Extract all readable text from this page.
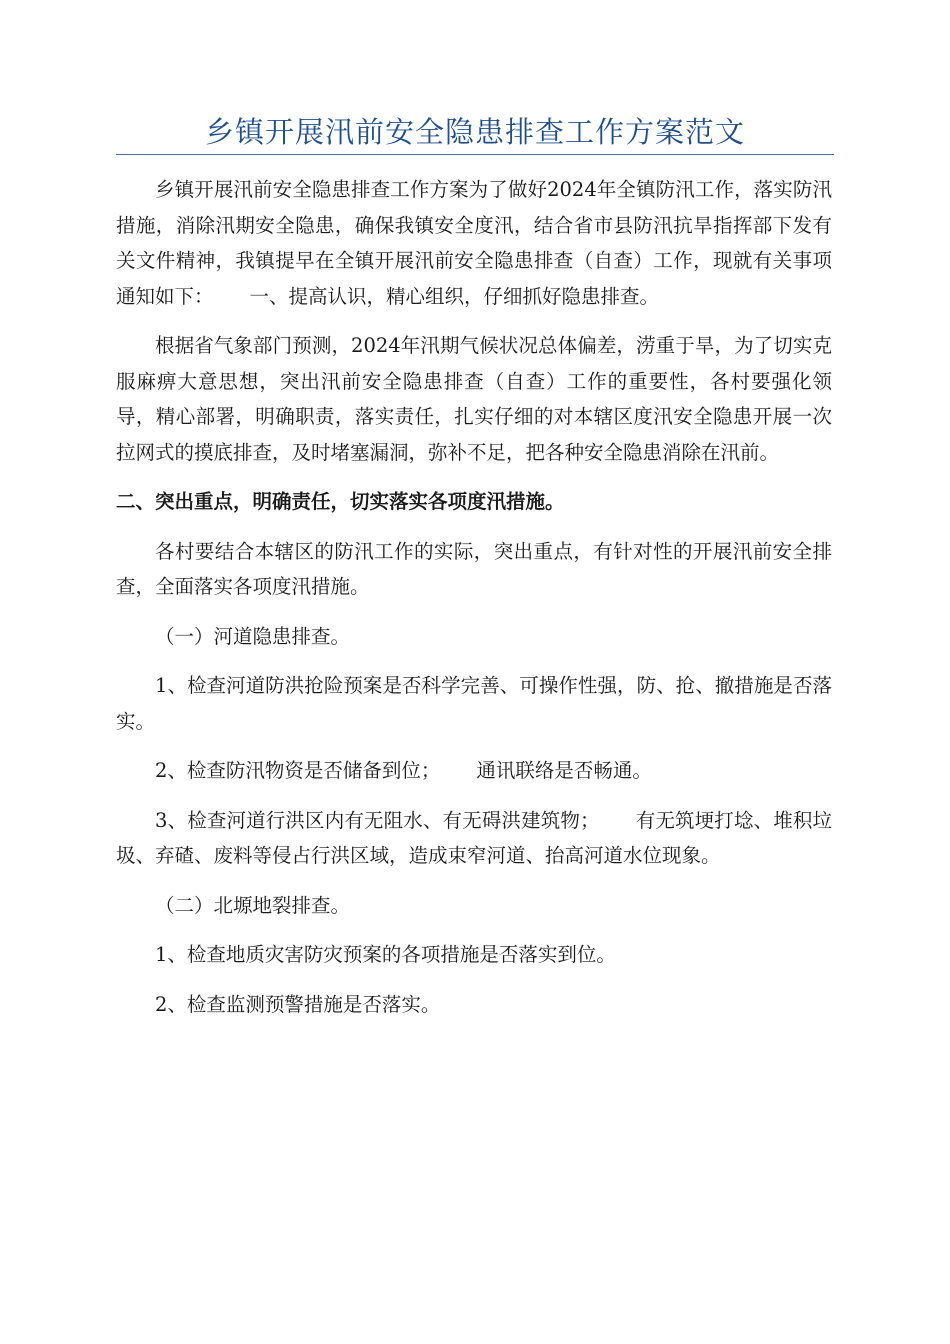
乡镇开展汛前安全隐患排查工作方案范文

乡镇开展汛前安全隐患排查工作方案为了做好2024年全镇防汛工作，落实防汛措施，消除汛期安全隐患，确保我镇安全度汛，结合省市县防汛抗旱指挥部下发有关文件精神，我镇提早在全镇开展汛前安全隐患排查（自查）工作，现就有关事项通知如下： 一、提高认识，精心组织，仔细抓好隐患排查。

根据省气象部门预测，2024年汛期气候状况总体偏差，涝重于旱，为了切实克服麻痹大意思想，突出汛前安全隐患排查（自查）工作的重要性，各村要强化领导，精心部署，明确职责，落实责任，扎实仔细的对本辖区度汛安全隐患开展一次拉网式的摸底排查，及时堵塞漏洞，弥补不足，把各种安全隐患消除在汛前。

二、突出重点，明确责任，切实落实各项度汛措施。

各村要结合本辖区的防汛工作的实际，突出重点，有针对性的开展汛前安全排查，全面落实各项度汛措施。

（一）河道隐患排查。

1、检查河道防洪抢险预案是否科学完善、可操作性强，防、抢、撤措施是否落实。

2、检查防汛物资是否储备到位； 通讯联络是否畅通。

3、检查河道行洪区内有无阻水、有无碍洪建筑物； 有无筑埂打埝、堆积垃圾、弃碴、废料等侵占行洪区域，造成束窄河道、抬高河道水位现象。

（二）北塬地裂排查。

1、检查地质灾害防灾预案的各项措施是否落实到位。

2、检查监测预警措施是否落实。
